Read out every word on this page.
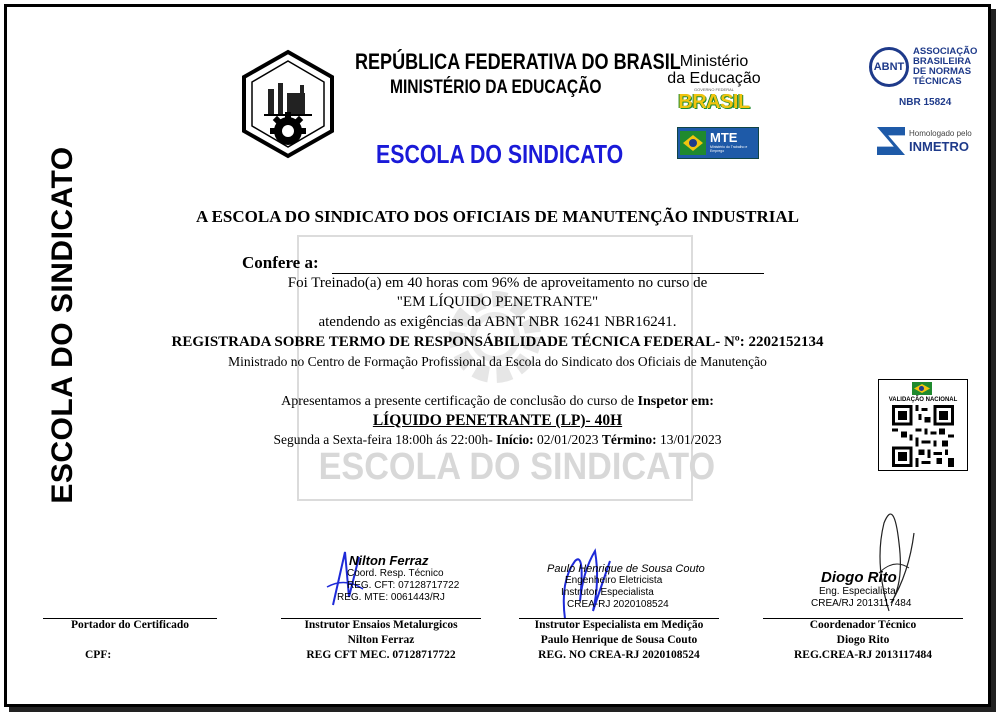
ESCOLA DO SINDICATO
REPÚBLICA FEDERATIVA DO BRASIL
MINISTÉRIO DA EDUCAÇÃO
ESCOLA DO SINDICATO
Ministério
da Educação
GOVERNO FEDERAL
BRASIL
MTE
Ministério do Trabalho e Emprego
ABNT
ASSOCIAÇÃO
BRASILEIRA
DE NORMAS
TÉCNICAS
NBR 15824
Homologado pelo
INMETRO
ESCOLA DO SINDICATO
A ESCOLA DO SINDICATO DOS OFICIAIS DE MANUTENÇÃO INDUSTRIAL
Confere a:
Foi Treinado(a) em 40 horas com 96% de aproveitamento no curso de
"EM LÍQUIDO PENETRANTE"
atendendo as exigências da ABNT NBR 16241 NBR16241.
REGISTRADA SOBRE TERMO DE RESPONSÁBILIDADE TÉCNICA FEDERAL- Nº: 2202152134
Ministrado no Centro de Formação Profissional da Escola do Sindicato dos Oficiais de Manutenção
Apresentamos a presente certificação de conclusão do curso de Inspetor em:
LÍQUIDO PENETRANTE (LP)- 40H
Segunda a Sexta-feira 18:00h ás 22:00h- Início: 02/01/2023 Término: 13/01/2023
VALIDAÇÃO NACIONAL
Nilton Ferraz
Coord. Resp. Técnico
REG. CFT: 07128717722
REG. MTE: 0061443/RJ
Paulo Henrique de Sousa Couto
Engenheiro Eletricista
Instrutor Especialista
CREA-RJ 2020108524
Diogo Rito
Eng. Especialista
CREA/RJ 2013117484
Portador do Certificado
CPF:
Instrutor Ensaios Metalurgicos
Nilton Ferraz
REG CFT MEC. 07128717722
Instrutor Especialista em Medição
Paulo Henrique de Sousa Couto
REG. NO CREA-RJ 2020108524
Coordenador Técnico
Diogo Rito
REG.CREA-RJ 2013117484
